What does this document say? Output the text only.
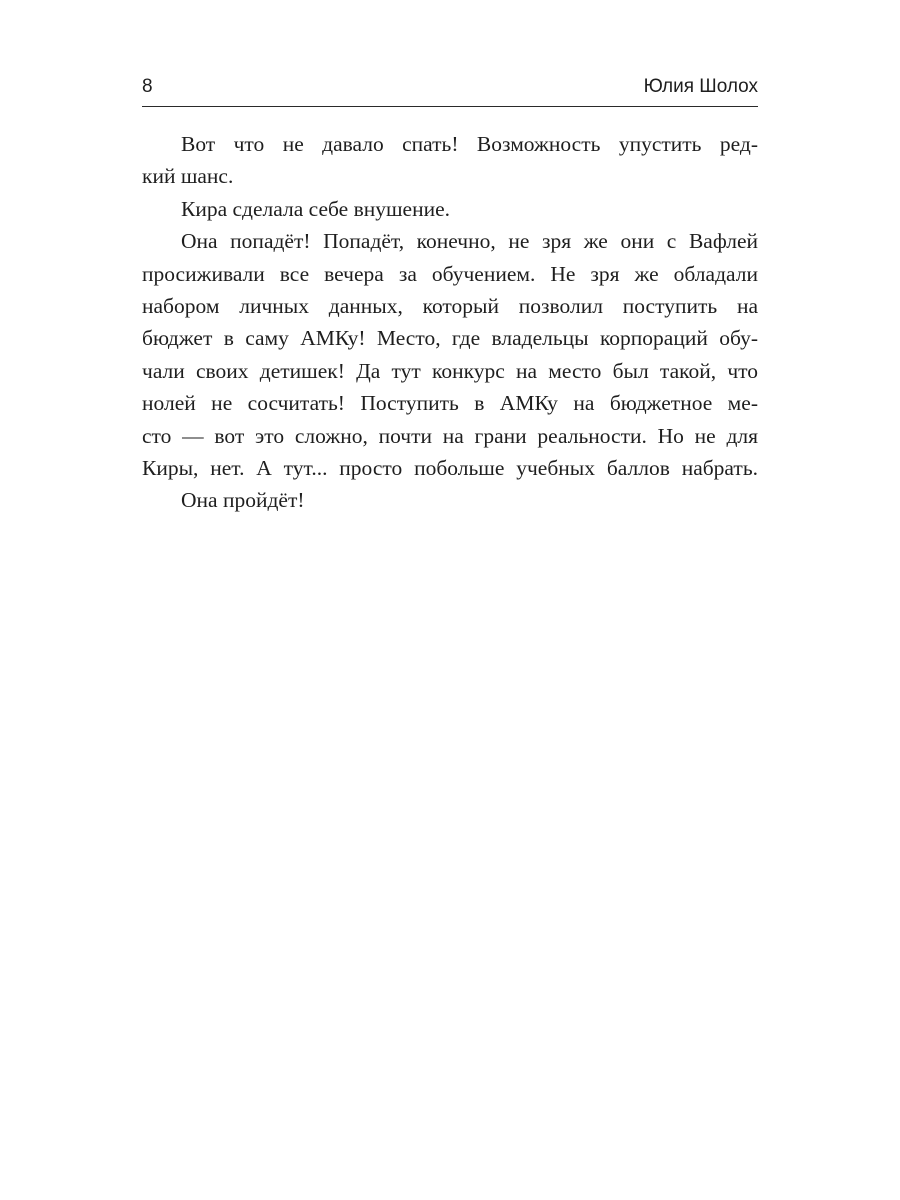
8	Юлия Шолох

Вот что не давало спать! Возможность упустить ред-
кий шанс.

Кира сделала себе внушение.

Она попадёт! Попадёт, конечно, не зря же они с Вафлей
просиживали все вечера за обучением. Не зря же обладали
набором личных данных, который позволил поступить на
бюджет в саму АМКу! Место, где владельцы корпораций обу-
чали своих детишек! Да тут конкурс на место был такой, что
нолей не сосчитать! Поступить в АМКу на бюджетное ме-
сто — вот это сложно, почти на грани реальности. Но не для
Киры, нет. А тут... просто побольше учебных баллов набрать.

Она пройдёт!
